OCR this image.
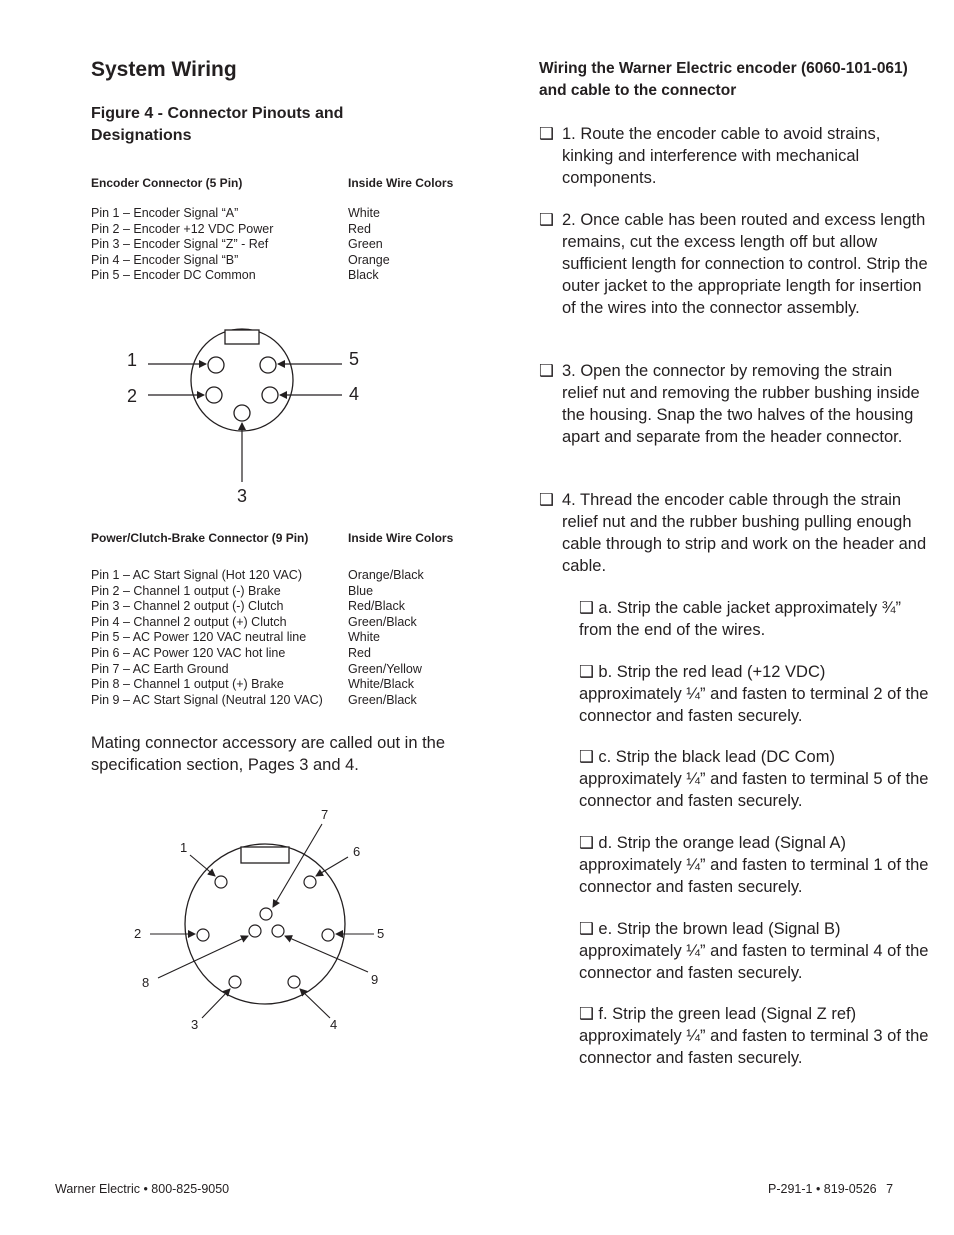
System Wiring
Figure 4 - Connector Pinouts and Designations
Encoder Connector (5 Pin)	Inside Wire Colors
Pin 1 – Encoder Signal “A”	White
Pin 2 – Encoder +12 VDC Power	Red
Pin 3 – Encoder Signal “Z” - Ref	Green
Pin 4 – Encoder Signal “B”	Orange
Pin 5 – Encoder DC Common	Black
1
2
3
4
5
Power/Clutch-Brake Connector (9 Pin)	Inside Wire Colors
Pin 1 – AC Start Signal (Hot 120 VAC)	Orange/Black
Pin 2 – Channel 1 output (-) Brake	Blue
Pin 3 – Channel 2 output (-) Clutch	Red/Black
Pin 4 – Channel 2 output (+) Clutch	Green/Black
Pin 5 – AC Power 120 VAC neutral line	White
Pin 6 – AC Power 120 VAC hot line	Red
Pin 7 – AC Earth Ground	Green/Yellow
Pin 8 – Channel 1 output (+) Brake	White/Black
Pin 9 – AC Start Signal (Neutral 120 VAC)	Green/Black
Mating connector accessory are called out in the specification section, Pages 3 and 4.
1
2
3	4
5
6
7
8	9
Wiring the Warner Electric encoder (6060-101-061) and cable to the connector
❑ 1. Route the encoder cable to avoid strains, kinking and interference with mechanical components.
❑ 2. Once cable has been routed and excess length remains, cut the excess length off but allow sufficient length for connection to control. Strip the outer jacket to the appropriate length for insertion of the wires into the connector assembly.
❑ 3. Open the connector by removing the strain relief nut and removing the rubber bushing inside the housing. Snap the two halves of the housing apart and separate from the header connector.
❑ 4. Thread the encoder cable through the strain relief nut and the rubber bushing pulling enough cable through to strip and work on the header and cable.
❑ a. Strip the cable jacket approximately ¾” from the end of the wires.
❑ b. Strip the red lead (+12 VDC) approximately ¼” and fasten to terminal 2 of the connector and fasten securely.
❑ c. Strip the black lead (DC Com) approximately ¼” and fasten to terminal 5 of the connector and fasten securely.
❑ d. Strip the orange lead (Signal A) approximately ¼” and fasten to terminal 1 of the connector and fasten securely.
❑ e. Strip the brown lead (Signal B) approximately ¼” and fasten to terminal 4 of the connector and fasten securely.
❑ f. Strip the green lead (Signal Z ref) approximately ¼” and fasten to terminal 3 of the connector and fasten securely.
Warner Electric • 800-825-9050	P-291-1 • 819-0526 7
